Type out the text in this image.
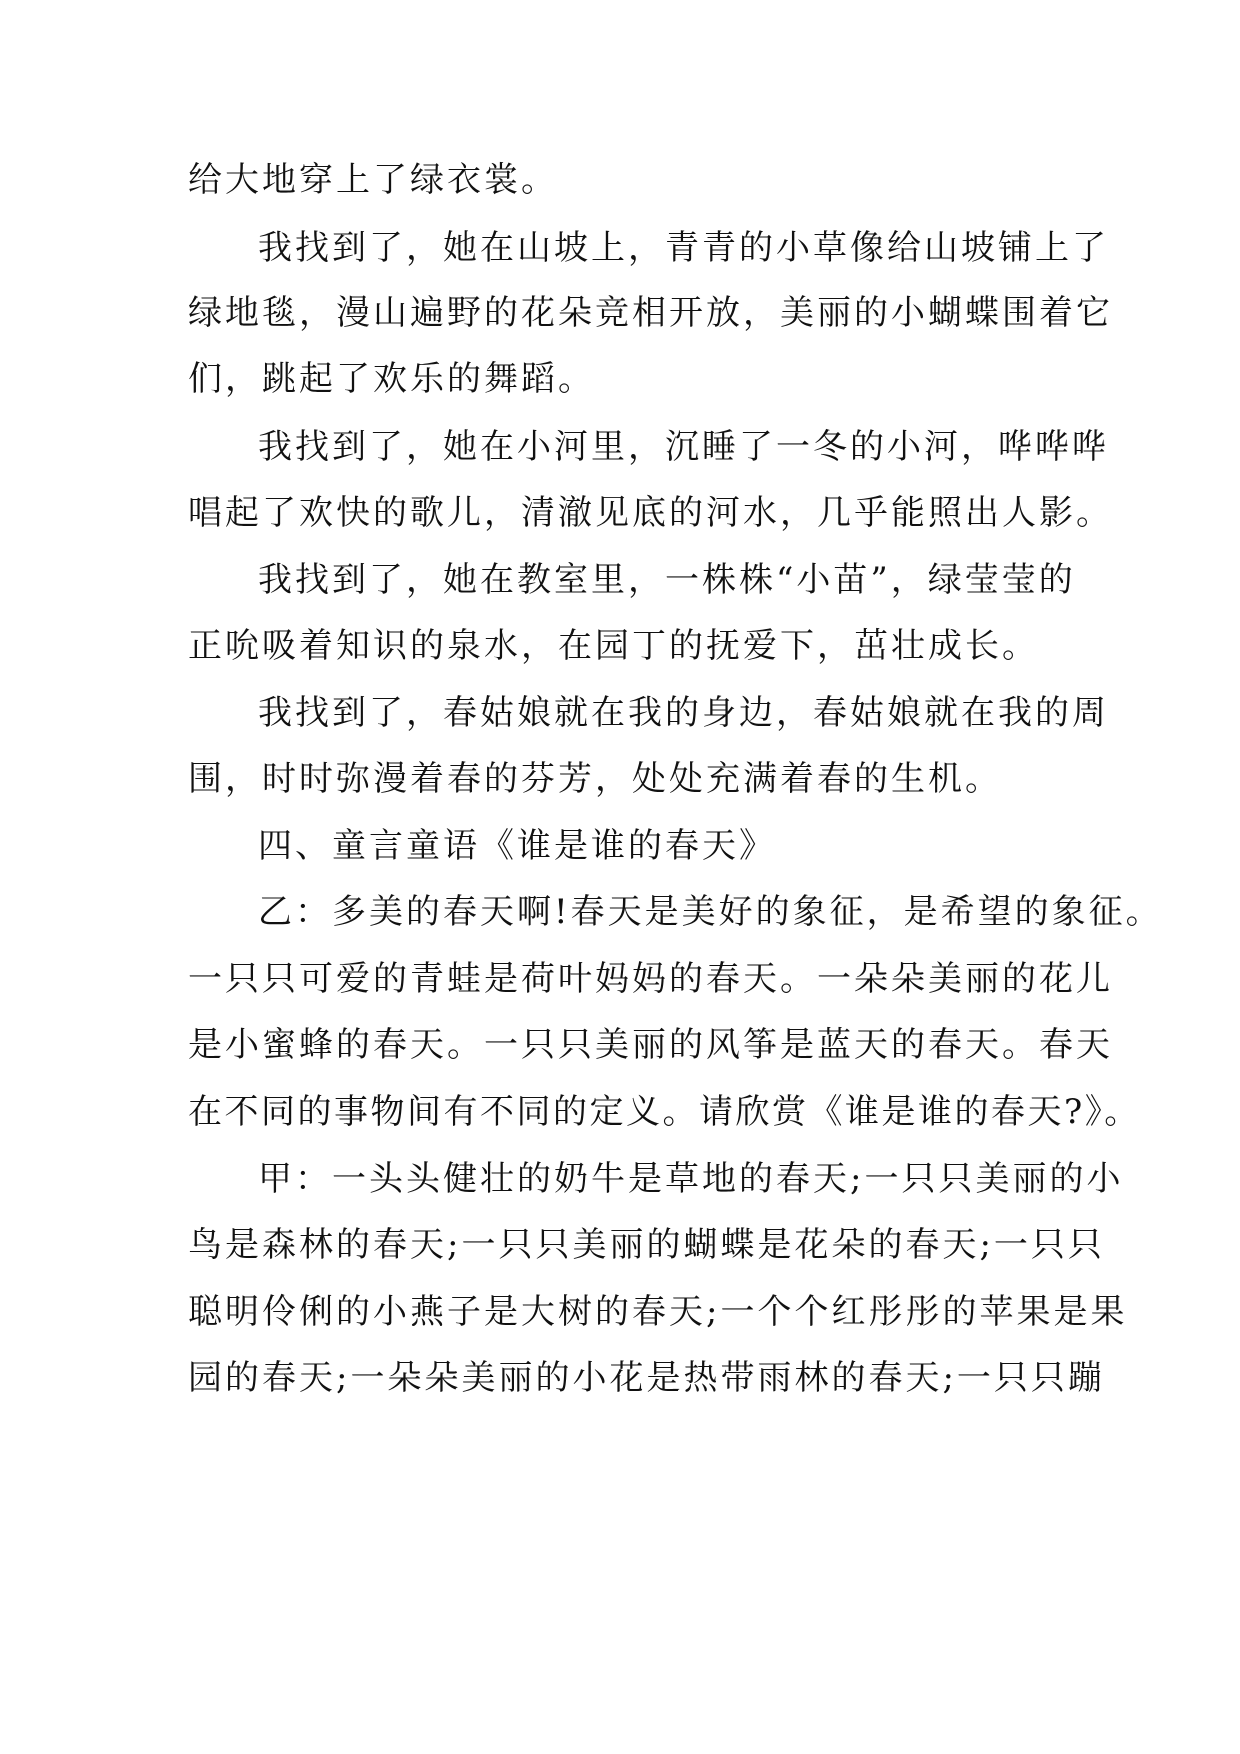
给大地穿上了绿衣裳。
我找到了，她在山坡上，青青的小草像给山坡铺上了
绿地毯，漫山遍野的花朵竞相开放，美丽的小蝴蝶围着它
们，跳起了欢乐的舞蹈。
我找到了，她在小河里，沉睡了一冬的小河，哗哗哗
唱起了欢快的歌儿，清澈见底的河水，几乎能照出人影。
我找到了，她在教室里，一株株“小苗”，绿莹莹的
正吮吸着知识的泉水，在园丁的抚爱下，茁壮成长。
我找到了，春姑娘就在我的身边，春姑娘就在我的周
围，时时弥漫着春的芬芳，处处充满着春的生机。
四、童言童语《谁是谁的春天》
乙：多美的春天啊!春天是美好的象征，是希望的象征。
一只只可爱的青蛙是荷叶妈妈的春天。一朵朵美丽的花儿
是小蜜蜂的春天。一只只美丽的风筝是蓝天的春天。春天
在不同的事物间有不同的定义。请欣赏《谁是谁的春天?》。
甲：一头头健壮的奶牛是草地的春天;一只只美丽的小
鸟是森林的春天;一只只美丽的蝴蝶是花朵的春天;一只只
聪明伶俐的小燕子是大树的春天;一个个红彤彤的苹果是果
园的春天;一朵朵美丽的小花是热带雨林的春天;一只只蹦
